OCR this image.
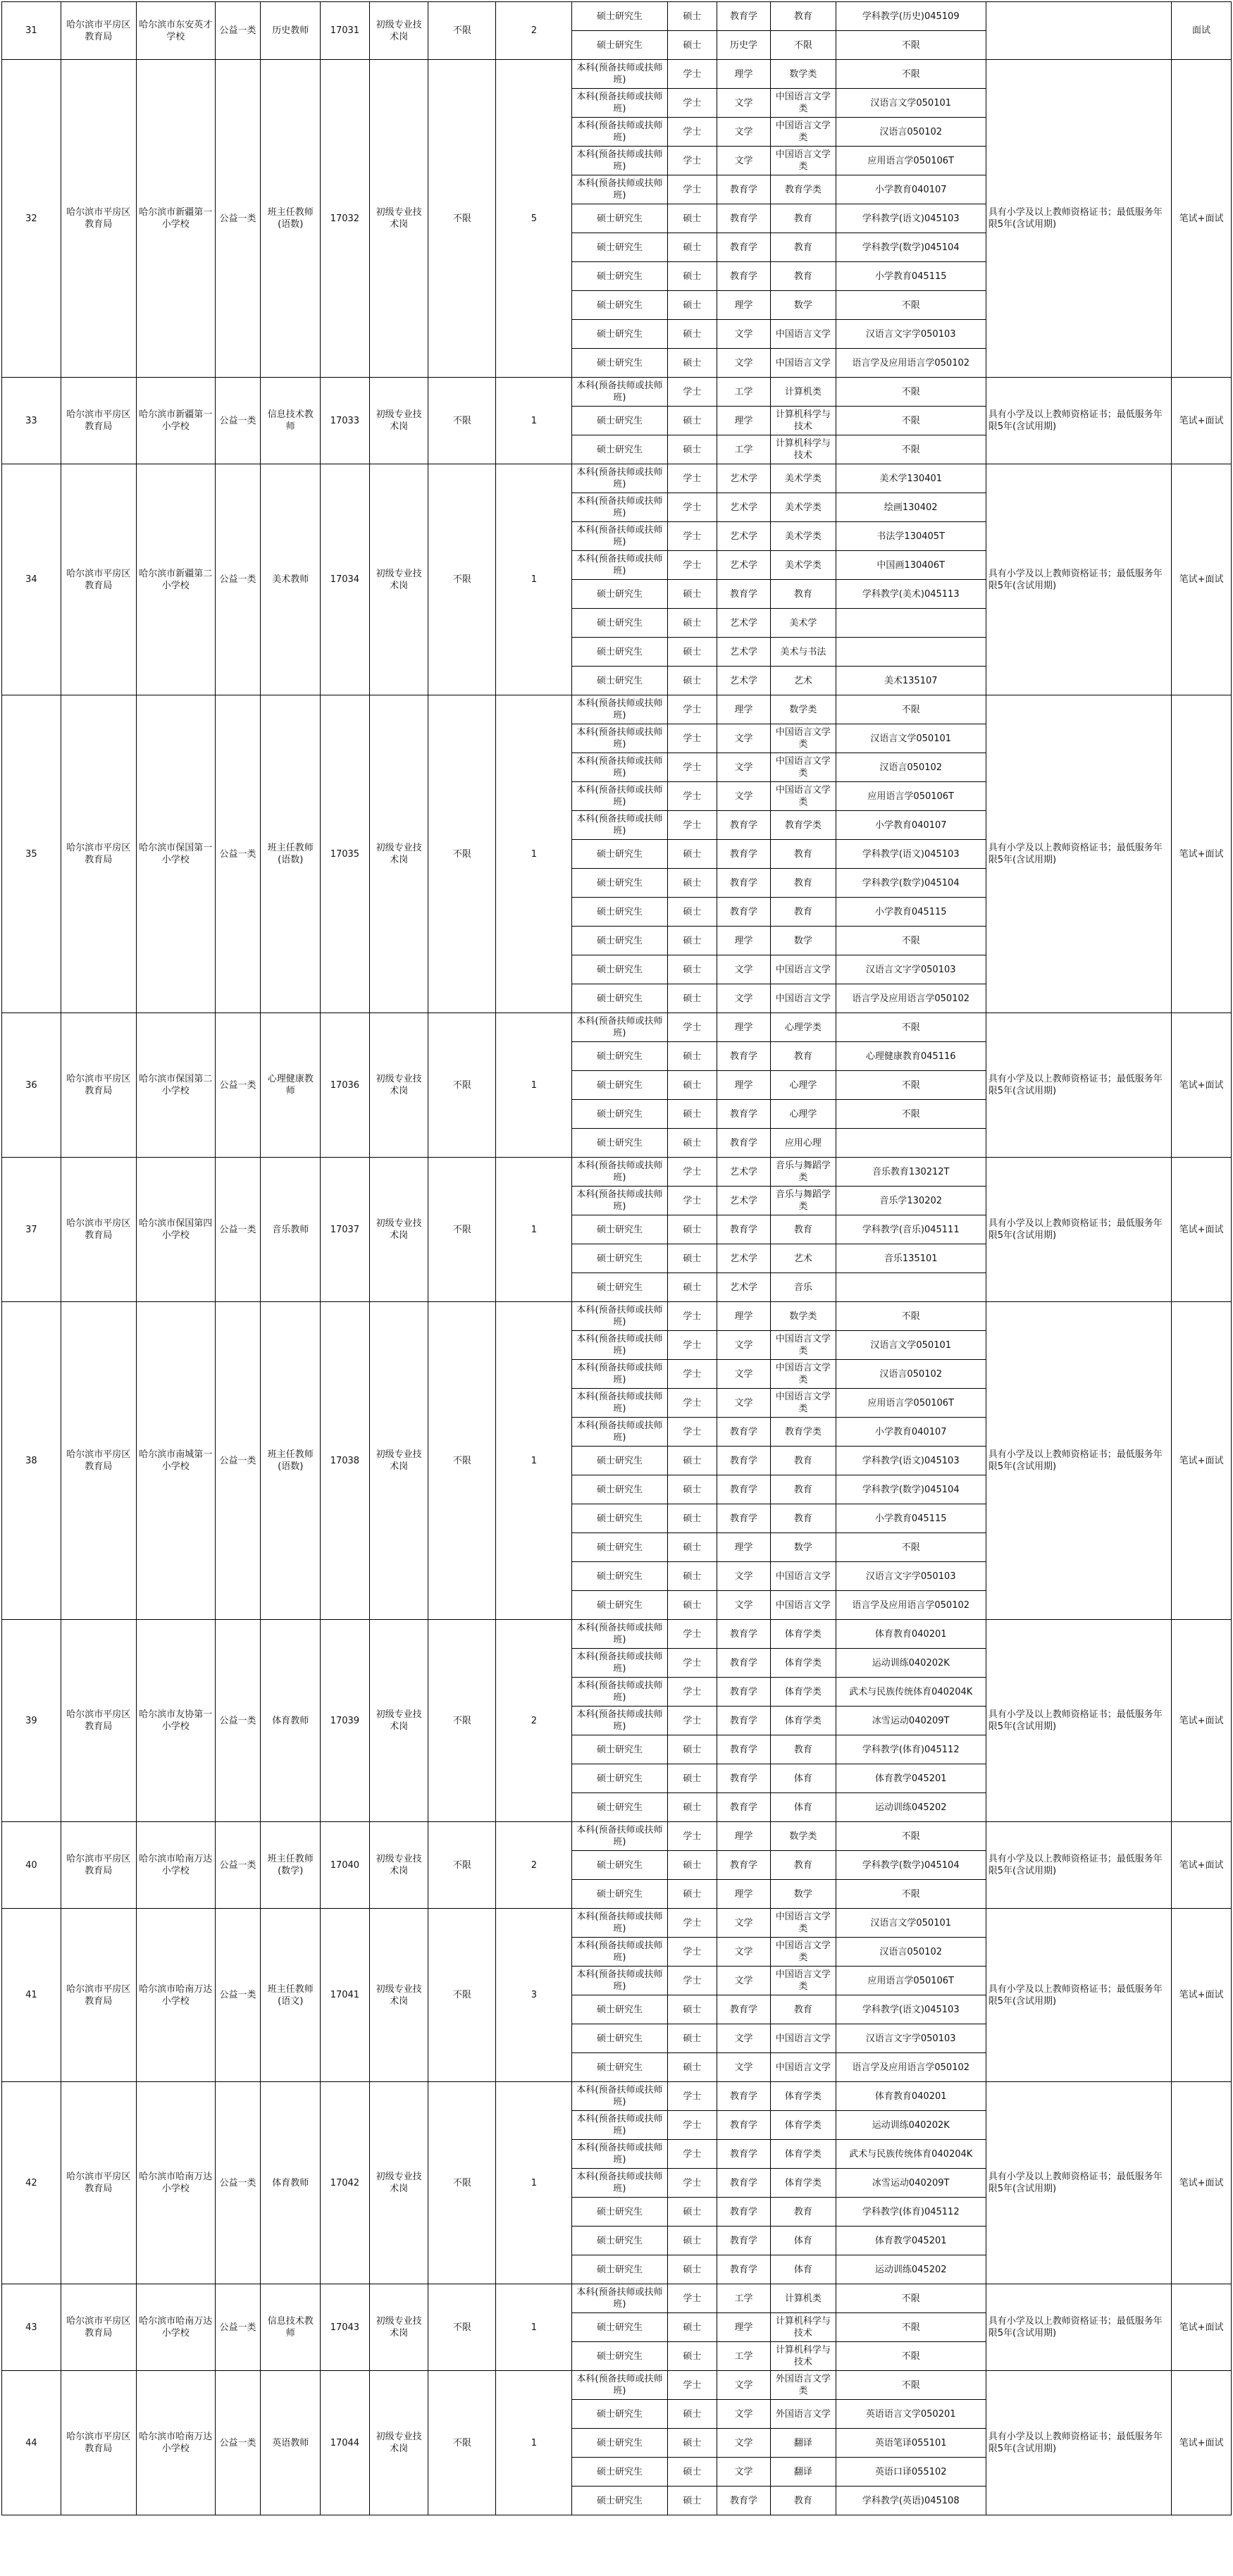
31	哈尔滨市平房区教育局	哈尔滨市东安英才学校	公益一类	历史教师	17031	初级专业技术岗	不限	2	硕士研究生	硕士	教育学	教育	学科教学(历史)045109		面试
									硕士研究生	硕士	历史学	不限	不限		
32	哈尔滨市平房区教育局	哈尔滨市新疆第一小学校	公益一类	班主任教师(语数)	17032	初级专业技术岗	不限	5	本科(预备扶师或扶师班)	学士	理学	数学类	不限	具有小学及以上教师资格证书；最低服务年限5年(含试用期)	笔试+面试
									本科(预备扶师或扶师班)	学士	文学	中国语言文学类	汉语言文学050101		
									本科(预备扶师或扶师班)	学士	文学	中国语言文学类	汉语言050102		
									本科(预备扶师或扶师班)	学士	文学	中国语言文学类	应用语言学050106T		
									本科(预备扶师或扶师班)	学士	教育学	教育学类	小学教育040107		
									硕士研究生	硕士	教育学	教育	学科教学(语文)045103		
									硕士研究生	硕士	教育学	教育	学科教学(数学)045104		
									硕士研究生	硕士	教育学	教育	小学教育045115		
									硕士研究生	硕士	理学	数学	不限		
									硕士研究生	硕士	文学	中国语言文学	汉语言文字学050103		
									硕士研究生	硕士	文学	中国语言文学	语言学及应用语言学050102		
33	哈尔滨市平房区教育局	哈尔滨市新疆第一小学校	公益一类	信息技术教师	17033	初级专业技术岗	不限	1	本科(预备扶师或扶师班)	学士	工学	计算机类	不限	具有小学及以上教师资格证书；最低服务年限5年(含试用期)	笔试+面试
									硕士研究生	硕士	理学	计算机科学与技术	不限		
									硕士研究生	硕士	工学	计算机科学与技术	不限		
34	哈尔滨市平房区教育局	哈尔滨市新疆第二小学校	公益一类	美术教师	17034	初级专业技术岗	不限	1	本科(预备扶师或扶师班)	学士	艺术学	美术学类	美术学130401	具有小学及以上教师资格证书；最低服务年限5年(含试用期)	笔试+面试
									本科(预备扶师或扶师班)	学士	艺术学	美术学类	绘画130402		
									本科(预备扶师或扶师班)	学士	艺术学	美术学类	书法学130405T		
									本科(预备扶师或扶师班)	学士	艺术学	美术学类	中国画130406T		
									硕士研究生	硕士	教育学	教育	学科教学(美术)045113		
									硕士研究生	硕士	艺术学	美术学			
									硕士研究生	硕士	艺术学	美术与书法			
									硕士研究生	硕士	艺术学	艺术	美术135107		
35	哈尔滨市平房区教育局	哈尔滨市保国第一小学校	公益一类	班主任教师(语数)	17035	初级专业技术岗	不限	1	本科(预备扶师或扶师班)	学士	理学	数学类	不限	具有小学及以上教师资格证书；最低服务年限5年(含试用期)	笔试+面试
									本科(预备扶师或扶师班)	学士	文学	中国语言文学类	汉语言文学050101		
									本科(预备扶师或扶师班)	学士	文学	中国语言文学类	汉语言050102		
									本科(预备扶师或扶师班)	学士	文学	中国语言文学类	应用语言学050106T		
									本科(预备扶师或扶师班)	学士	教育学	教育学类	小学教育040107		
									硕士研究生	硕士	教育学	教育	学科教学(语文)045103		
									硕士研究生	硕士	教育学	教育	学科教学(数学)045104		
									硕士研究生	硕士	教育学	教育	小学教育045115		
									硕士研究生	硕士	理学	数学	不限		
									硕士研究生	硕士	文学	中国语言文学	汉语言文字学050103		
									硕士研究生	硕士	文学	中国语言文学	语言学及应用语言学050102		
36	哈尔滨市平房区教育局	哈尔滨市保国第二小学校	公益一类	心理健康教师	17036	初级专业技术岗	不限	1	本科(预备扶师或扶师班)	学士	理学	心理学类	不限	具有小学及以上教师资格证书；最低服务年限5年(含试用期)	笔试+面试
									硕士研究生	硕士	教育学	教育	心理健康教育045116		
									硕士研究生	硕士	理学	心理学	不限		
									硕士研究生	硕士	教育学	心理学	不限		
									硕士研究生	硕士	教育学	应用心理			
37	哈尔滨市平房区教育局	哈尔滨市保国第四小学校	公益一类	音乐教师	17037	初级专业技术岗	不限	1	本科(预备扶师或扶师班)	学士	艺术学	音乐与舞蹈学类	音乐教育130212T	具有小学及以上教师资格证书；最低服务年限5年(含试用期)	笔试+面试
									本科(预备扶师或扶师班)	学士	艺术学	音乐与舞蹈学类	音乐学130202		
									硕士研究生	硕士	教育学	教育	学科教学(音乐)045111		
									硕士研究生	硕士	艺术学	艺术	音乐135101		
									硕士研究生	硕士	艺术学	音乐			
38	哈尔滨市平房区教育局	哈尔滨市南城第一小学校	公益一类	班主任教师(语数)	17038	初级专业技术岗	不限	1	本科(预备扶师或扶师班)	学士	理学	数学类	不限	具有小学及以上教师资格证书；最低服务年限5年(含试用期)	笔试+面试
									本科(预备扶师或扶师班)	学士	文学	中国语言文学类	汉语言文学050101		
									本科(预备扶师或扶师班)	学士	文学	中国语言文学类	汉语言050102		
									本科(预备扶师或扶师班)	学士	文学	中国语言文学类	应用语言学050106T		
									本科(预备扶师或扶师班)	学士	教育学	教育学类	小学教育040107		
									硕士研究生	硕士	教育学	教育	学科教学(语文)045103		
									硕士研究生	硕士	教育学	教育	学科教学(数学)045104		
									硕士研究生	硕士	教育学	教育	小学教育045115		
									硕士研究生	硕士	理学	数学	不限		
									硕士研究生	硕士	文学	中国语言文学	汉语言文字学050103		
									硕士研究生	硕士	文学	中国语言文学	语言学及应用语言学050102		
39	哈尔滨市平房区教育局	哈尔滨市友协第一小学校	公益一类	体育教师	17039	初级专业技术岗	不限	2	本科(预备扶师或扶师班)	学士	教育学	体育学类	体育教育040201	具有小学及以上教师资格证书；最低服务年限5年(含试用期)	笔试+面试
									本科(预备扶师或扶师班)	学士	教育学	体育学类	运动训练040202K		
									本科(预备扶师或扶师班)	学士	教育学	体育学类	武术与民族传统体育040204K		
									本科(预备扶师或扶师班)	学士	教育学	体育学类	冰雪运动040209T		
									硕士研究生	硕士	教育学	教育	学科教学(体育)045112		
									硕士研究生	硕士	教育学	体育	体育教学045201		
									硕士研究生	硕士	教育学	体育	运动训练045202		
40	哈尔滨市平房区教育局	哈尔滨市哈南万达小学校	公益一类	班主任教师(数学)	17040	初级专业技术岗	不限	2	本科(预备扶师或扶师班)	学士	理学	数学类	不限	具有小学及以上教师资格证书；最低服务年限5年(含试用期)	笔试+面试
									硕士研究生	硕士	教育学	教育	学科教学(数学)045104		
									硕士研究生	硕士	理学	数学	不限		
41	哈尔滨市平房区教育局	哈尔滨市哈南万达小学校	公益一类	班主任教师(语文)	17041	初级专业技术岗	不限	3	本科(预备扶师或扶师班)	学士	文学	中国语言文学类	汉语言文学050101	具有小学及以上教师资格证书；最低服务年限5年(含试用期)	笔试+面试
									本科(预备扶师或扶师班)	学士	文学	中国语言文学类	汉语言050102		
									本科(预备扶师或扶师班)	学士	文学	中国语言文学类	应用语言学050106T		
									硕士研究生	硕士	教育学	教育	学科教学(语文)045103		
									硕士研究生	硕士	文学	中国语言文学	汉语言文字学050103		
									硕士研究生	硕士	文学	中国语言文学	语言学及应用语言学050102		
42	哈尔滨市平房区教育局	哈尔滨市哈南万达小学校	公益一类	体育教师	17042	初级专业技术岗	不限	1	本科(预备扶师或扶师班)	学士	教育学	体育学类	体育教育040201	具有小学及以上教师资格证书；最低服务年限5年(含试用期)	笔试+面试
									本科(预备扶师或扶师班)	学士	教育学	体育学类	运动训练040202K		
									本科(预备扶师或扶师班)	学士	教育学	体育学类	武术与民族传统体育040204K		
									本科(预备扶师或扶师班)	学士	教育学	体育学类	冰雪运动040209T		
									硕士研究生	硕士	教育学	教育	学科教学(体育)045112		
									硕士研究生	硕士	教育学	体育	体育教学045201		
									硕士研究生	硕士	教育学	体育	运动训练045202		
43	哈尔滨市平房区教育局	哈尔滨市哈南万达小学校	公益一类	信息技术教师	17043	初级专业技术岗	不限	1	本科(预备扶师或扶师班)	学士	工学	计算机类	不限	具有小学及以上教师资格证书；最低服务年限5年(含试用期)	笔试+面试
									硕士研究生	硕士	理学	计算机科学与技术	不限		
									硕士研究生	硕士	工学	计算机科学与技术	不限		
44	哈尔滨市平房区教育局	哈尔滨市哈南万达小学校	公益一类	英语教师	17044	初级专业技术岗	不限	1	本科(预备扶师或扶师班)	学士	文学	外国语言文学类	不限	具有小学及以上教师资格证书；最低服务年限5年(含试用期)	笔试+面试
									硕士研究生	硕士	文学	外国语言文学	英语语言文学050201		
									硕士研究生	硕士	文学	翻译	英语笔译055101		
									硕士研究生	硕士	文学	翻译	英语口译055102		
									硕士研究生	硕士	教育学	教育	学科教学(英语)045108		
